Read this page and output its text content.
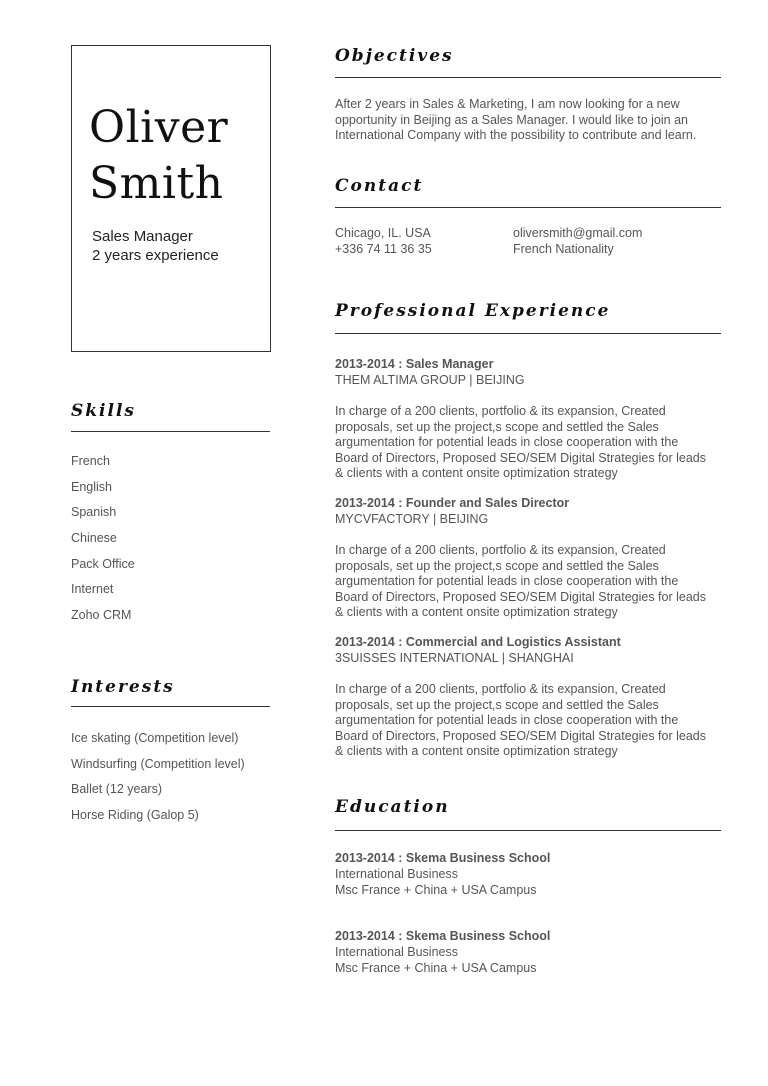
Oliver
Smith
Sales Manager
2 years experience
Skills
French
English
Spanish
Chinese
Pack Office
Internet
Zoho CRM
Interests
Ice skating (Competition level)
Windsurfing (Competition level)
Ballet (12 years)
Horse Riding (Galop 5)
Objectives
After 2 years in Sales & Marketing, I am now looking for a new opportunity in Beijing as a Sales Manager. I would like to join an International Company with the possibility to contribute and learn.
Contact
Chicago, IL. USA
+336 74 11 36 35
oliversmith@gmail.com
French Nationality
Professional Experience
2013-2014 : Sales Manager
THEM ALTIMA GROUP | BEIJING
In charge of a 200 clients, portfolio & its expansion, Created proposals, set up the project,s scope and settled the Sales argumentation for potential leads in close cooperation with the Board of Directors, Proposed SEO/SEM Digital Strategies for leads & clients with a content onsite optimization strategy
2013-2014 : Founder and Sales Director
MYCVFACTORY | BEIJING
In charge of a 200 clients, portfolio & its expansion, Created proposals, set up the project,s scope and settled the Sales argumentation for potential leads in close cooperation with the Board of Directors, Proposed SEO/SEM Digital Strategies for leads & clients with a content onsite optimization strategy
2013-2014 : Commercial and Logistics Assistant
3SUISSES INTERNATIONAL | SHANGHAI
In charge of a 200 clients, portfolio & its expansion, Created proposals, set up the project,s scope and settled the Sales argumentation for potential leads in close cooperation with the Board of Directors, Proposed SEO/SEM Digital Strategies for leads & clients with a content onsite optimization strategy
Education
2013-2014 : Skema Business School
International Business
Msc France + China + USA Campus
2013-2014 : Skema Business School
International Business
Msc France + China + USA Campus
